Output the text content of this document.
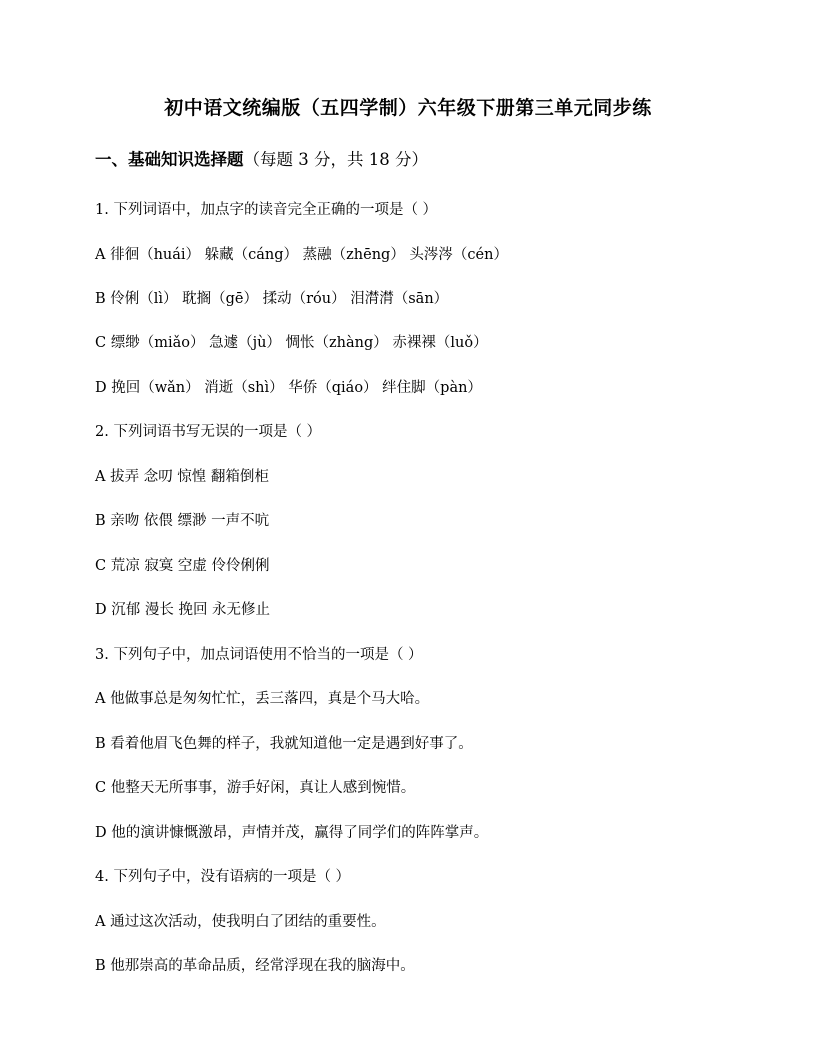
初中语文统编版（五四学制）六年级下册第三单元同步练
一、基础知识选择题（每题 3 分，共 18 分）
1. 下列词语中，加点字的读音完全正确的一项是（ ）
A 徘徊（huái） 躲藏（cáng） 蒸融（zhēng） 头涔涔（cén）
B 伶俐（lì） 耽搁（gē） 揉动（róu） 泪潸潸（sān）
C 缥缈（miǎo） 急遽（jù） 惆怅（zhàng） 赤裸裸（luǒ）
D 挽回（wǎn） 消逝（shì） 华侨（qiáo） 绊住脚（pàn）
2. 下列词语书写无误的一项是（ ）
A 拔弄 念叨 惊惶 翻箱倒柜
B 亲吻 依偎 缥渺 一声不吭
C 荒凉 寂寞 空虚 伶伶俐俐
D 沉郁 漫长 挽回 永无修止
3. 下列句子中，加点词语使用不恰当的一项是（ ）
A 他做事总是匆匆忙忙，丢三落四，真是个马大哈。
B 看着他眉飞色舞的样子，我就知道他一定是遇到好事了。
C 他整天无所事事，游手好闲，真让人感到惋惜。
D 他的演讲慷慨激昂，声情并茂，赢得了同学们的阵阵掌声。
4. 下列句子中，没有语病的一项是（ ）
A 通过这次活动，使我明白了团结的重要性。
B 他那崇高的革命品质，经常浮现在我的脑海中。
